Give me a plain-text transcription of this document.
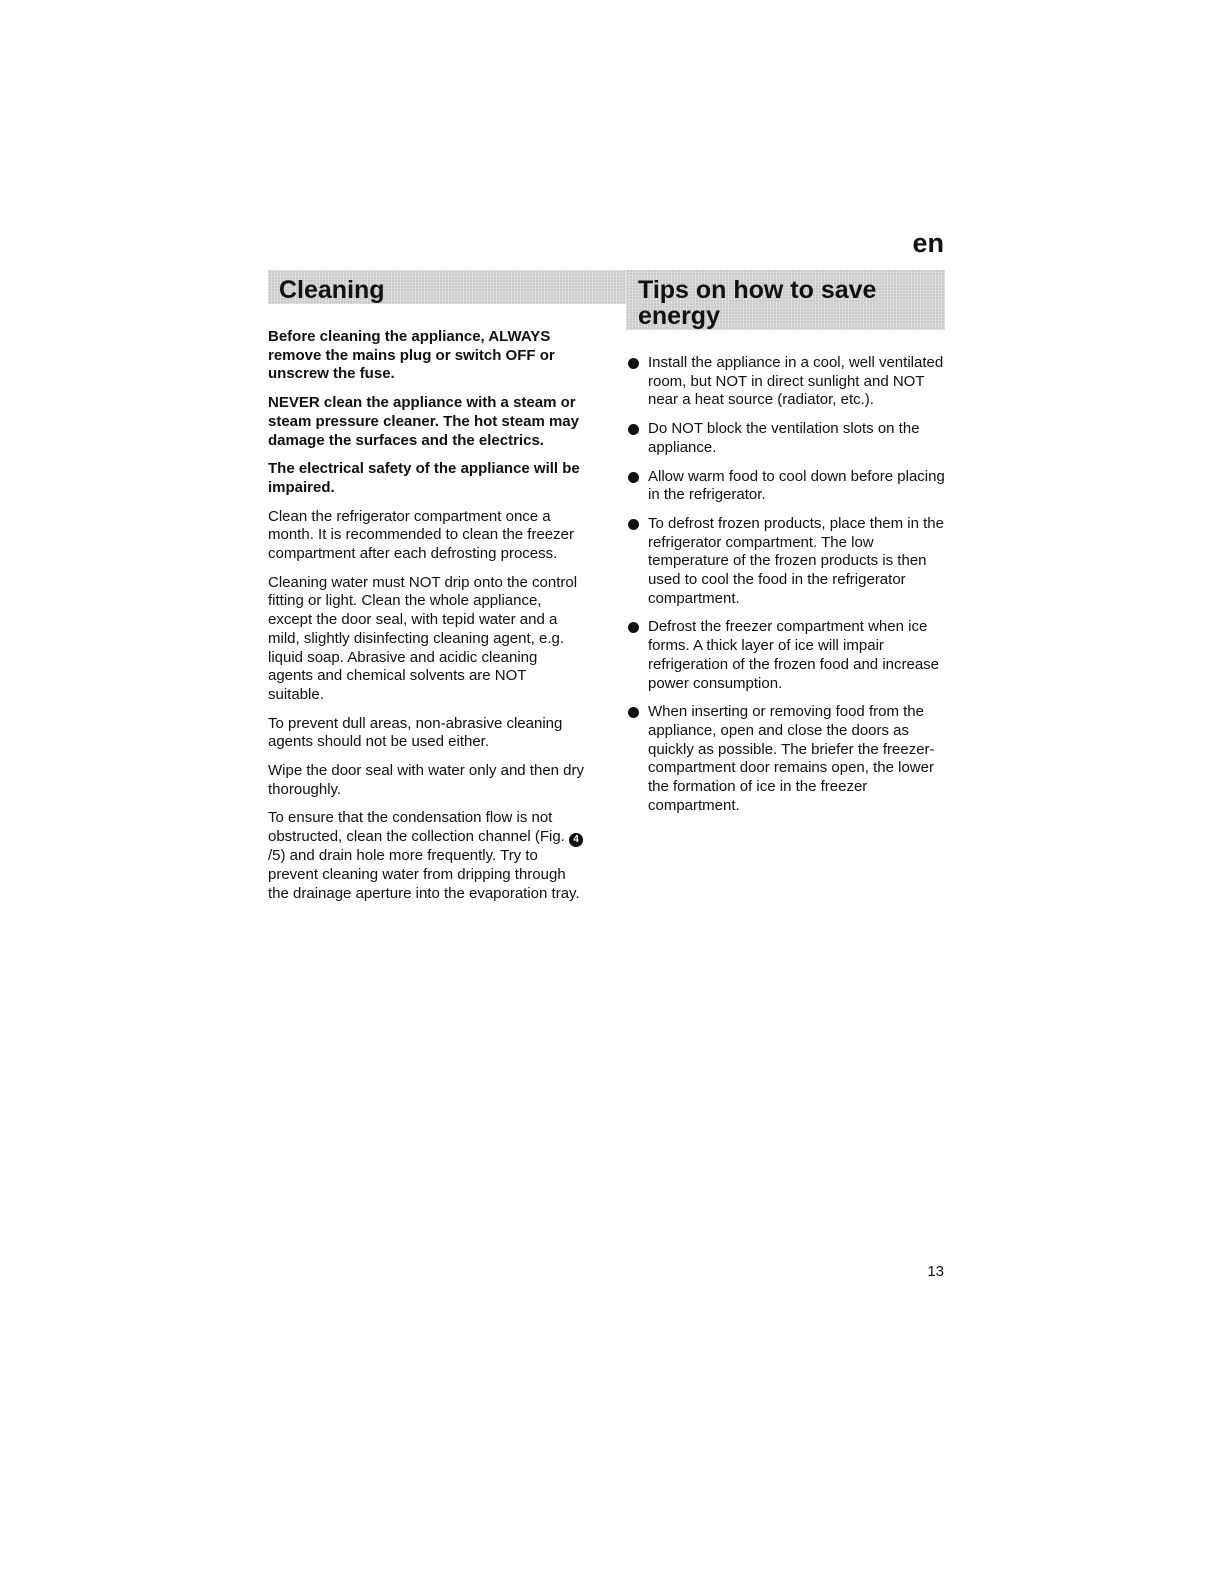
en
Cleaning	Tips on how to save energy

Before cleaning the appliance, ALWAYS remove the mains plug or switch OFF or unscrew the fuse.

NEVER clean the appliance with a steam or steam pressure cleaner. The hot steam may damage the surfaces and the electrics.

The electrical safety of the appliance will be impaired.

Clean the refrigerator compartment once a month. It is recommended to clean the freezer compartment after each defrosting process.

Cleaning water must NOT drip onto the control fitting or light. Clean the whole appliance, except the door seal, with tepid water and a mild, slightly disinfecting cleaning agent, e.g. liquid soap. Abrasive and acidic cleaning agents and chemical solvents are NOT suitable.

To prevent dull areas, non-abrasive cleaning agents should not be used either.

Wipe the door seal with water only and then dry thoroughly.

To ensure that the condensation flow is not obstructed, clean the collection channel (Fig. 4/5) and drain hole more frequently. Try to prevent cleaning water from dripping through the drainage aperture into the evaporation tray.

Install the appliance in a cool, well ventilated room, but NOT in direct sunlight and NOT near a heat source (radiator, etc.).
Do NOT block the ventilation slots on the appliance.
Allow warm food to cool down before placing in the refrigerator.
To defrost frozen products, place them in the refrigerator compartment. The low temperature of the frozen products is then used to cool the food in the refrigerator compartment.
Defrost the freezer compartment when ice forms. A thick layer of ice will impair refrigeration of the frozen food and increase power consumption.
When inserting or removing food from the appliance, open and close the doors as quickly as possible. The briefer the freezer-compartment door remains open, the lower the formation of ice in the freezer compartment.
13
